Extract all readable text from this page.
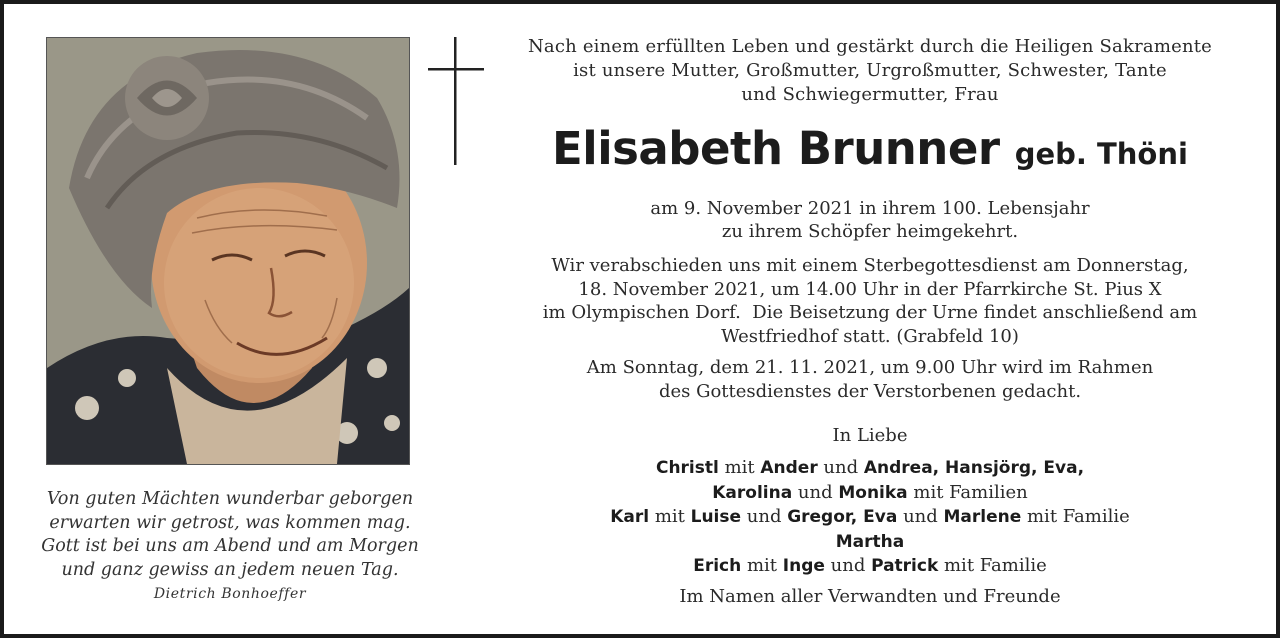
Von guten Mächten wunderbar geborgen
erwarten wir getrost, was kommen mag.
Gott ist bei uns am Abend und am Morgen
und ganz gewiss an jedem neuen Tag.
Dietrich Bonhoeffer
Nach einem erfüllten Leben und gestärkt durch die Heiligen Sakramente
ist unsere Mutter, Großmutter, Urgroßmutter, Schwester, Tante
und Schwiegermutter, Frau
Elisabeth Brunner geb. Thöni
am 9. November 2021 in ihrem 100. Lebensjahr
zu ihrem Schöpfer heimgekehrt.
Wir verabschieden uns mit einem Sterbegottesdienst am Donnerstag,
18. November 2021, um 14.00 Uhr in der Pfarrkirche St. Pius X
im Olympischen Dorf.  Die Beisetzung der Urne findet anschließend am
Westfriedhof statt. (Grabfeld 10)
Am Sonntag, dem 21. 11. 2021, um 9.00 Uhr wird im Rahmen
des Gottesdienstes der Verstorbenen gedacht.
In Liebe
Christl mit Ander und Andrea, Hansjörg, Eva,
Karolina und Monika mit Familien
Karl mit Luise und Gregor, Eva und Marlene mit Familie
Martha
Erich mit Inge und Patrick mit Familie
Im Namen aller Verwandten und Freunde
